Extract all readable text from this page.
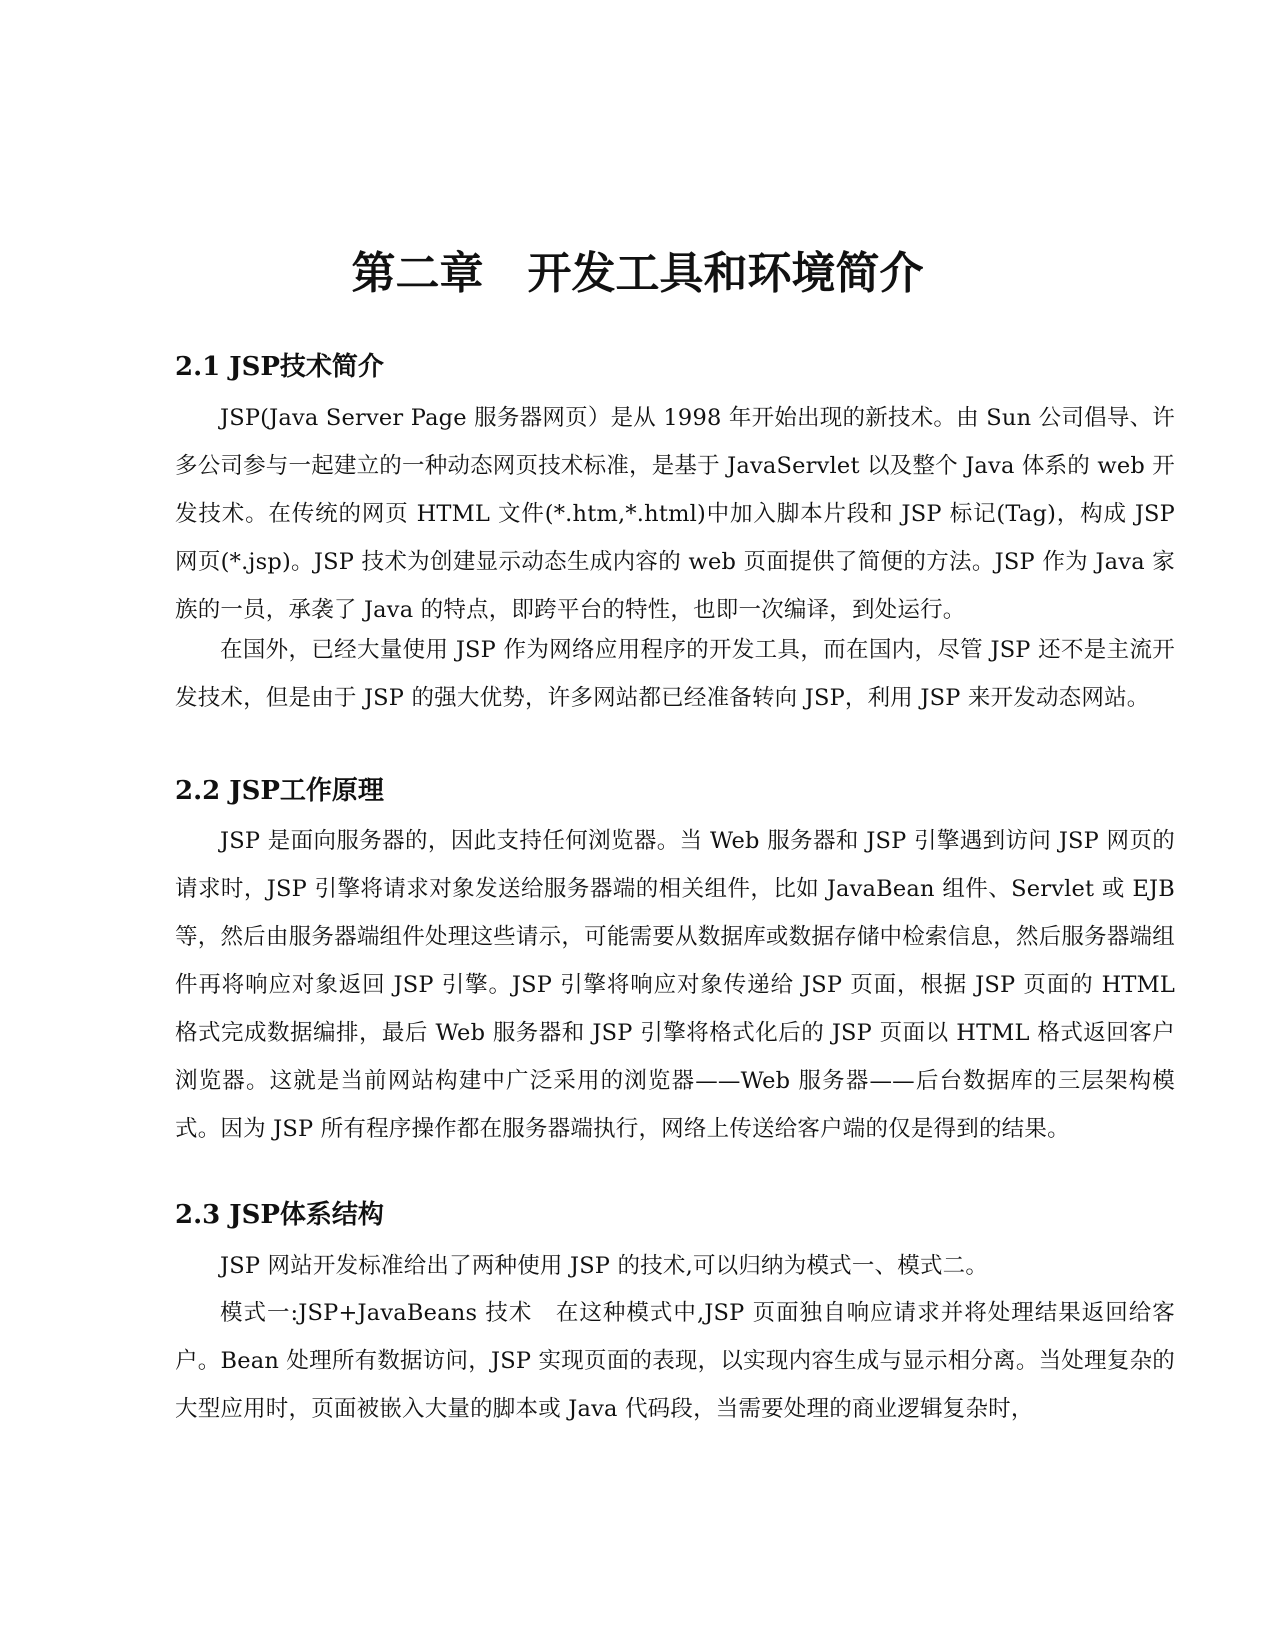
第二章　开发工具和环境简介
2.1 JSP技术简介

JSP(Java Server Page 服务器网页）是从 1998 年开始出现的新技术。由 Sun 公司倡导、许多公司参与一起建立的一种动态网页技术标准，是基于 JavaServlet 以及整个 Java 体系的 web 开发技术。在传统的网页 HTML 文件(*.htm,*.html)中加入脚本片段和 JSP 标记(Tag)，构成 JSP 网页(*.jsp)。JSP 技术为创建显示动态生成内容的 web 页面提供了简便的方法。JSP 作为 Java 家族的一员，承袭了 Java 的特点，即跨平台的特性，也即一次编译，到处运行。

在国外，已经大量使用 JSP 作为网络应用程序的开发工具，而在国内，尽管 JSP 还不是主流开发技术，但是由于 JSP 的强大优势，许多网站都已经准备转向 JSP，利用 JSP 来开发动态网站。

2.2 JSP工作原理

JSP 是面向服务器的，因此支持任何浏览器。当 Web 服务器和 JSP 引擎遇到访问 JSP 网页的请求时，JSP 引擎将请求对象发送给服务器端的相关组件，比如 JavaBean 组件、Servlet 或 EJB 等，然后由服务器端组件处理这些请示，可能需要从数据库或数据存储中检索信息，然后服务器端组件再将响应对象返回 JSP 引擎。JSP 引擎将响应对象传递给 JSP 页面，根据 JSP 页面的 HTML 格式完成数据编排，最后 Web 服务器和 JSP 引擎将格式化后的 JSP 页面以 HTML 格式返回客户浏览器。这就是当前网站构建中广泛采用的浏览器——Web 服务器——后台数据库的三层架构模式。因为 JSP 所有程序操作都在服务器端执行，网络上传送给客户端的仅是得到的结果。

2.3 JSP体系结构

JSP 网站开发标准给出了两种使用 JSP 的技术,可以归纳为模式一、模式二。

模式一:JSP+JavaBeans 技术　在这种模式中,JSP 页面独自响应请求并将处理结果返回给客户。Bean 处理所有数据访问，JSP 实现页面的表现，以实现内容生成与显示相分离。当处理复杂的大型应用时，页面被嵌入大量的脚本或 Java 代码段，当需要处理的商业逻辑复杂时，
